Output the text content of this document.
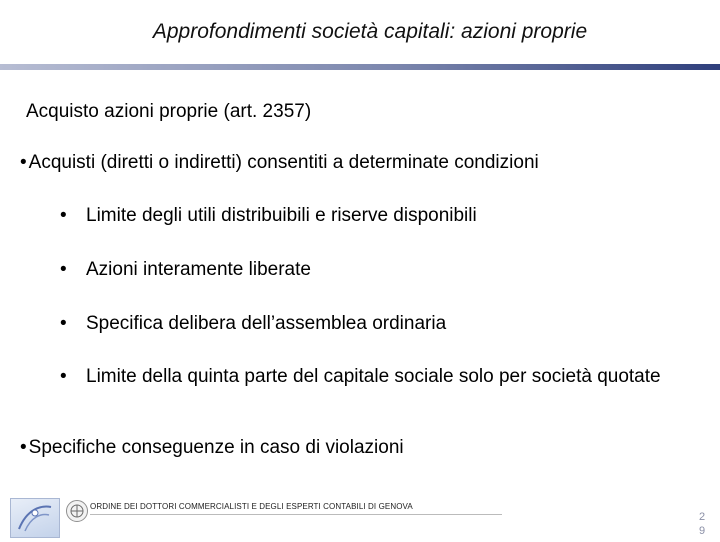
Approfondimenti società capitali: azioni proprie
Acquisto azioni proprie (art. 2357)
• Acquisti (diretti o indiretti) consentiti a determinate condizioni
•	Limite degli utili distribuibili e riserve disponibili
•	Azioni interamente liberate
•	Specifica delibera dell’assemblea ordinaria
•	Limite della quinta parte del capitale sociale solo per società quotate
• Specifiche conseguenze in caso di violazioni
ORDINE DEI DOTTORI COMMERCIALISTI E DEGLI ESPERTI CONTABILI DI GENOVA
2
9
